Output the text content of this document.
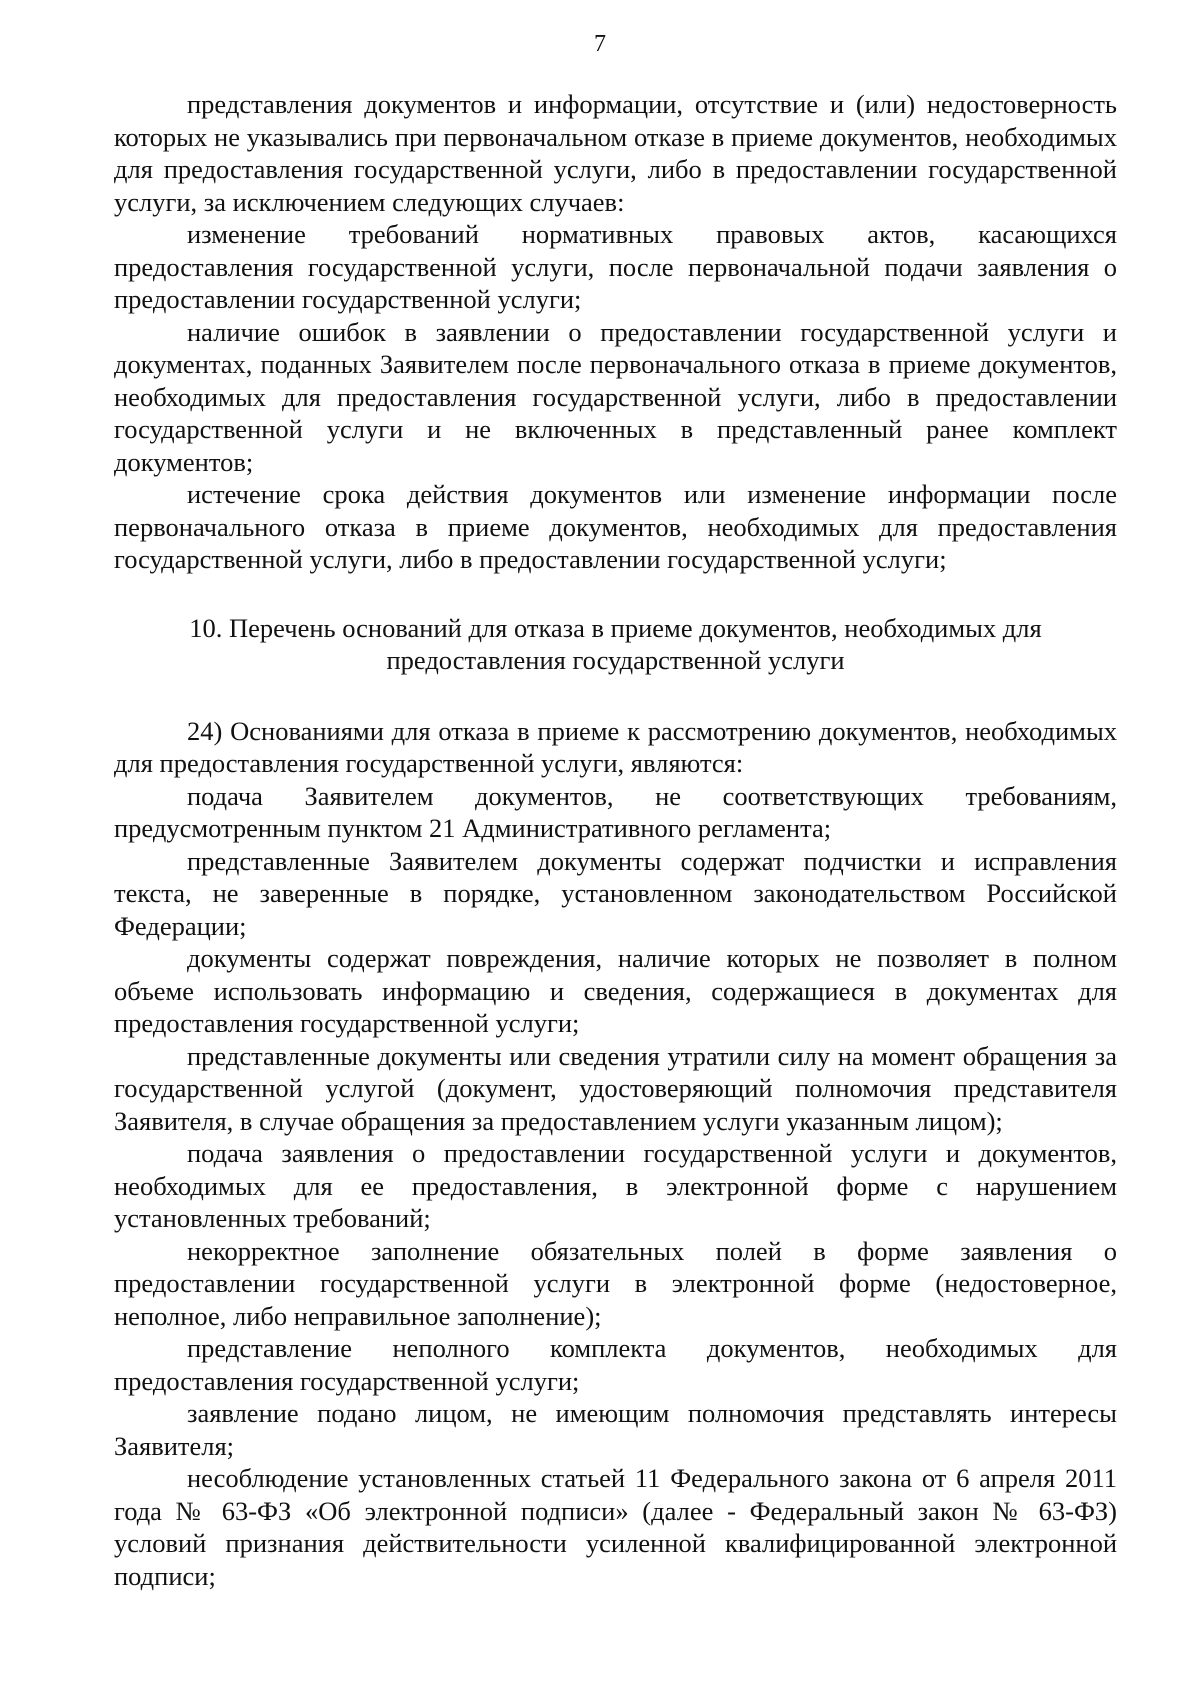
7

представления документов и информации, отсутствие и (или) недостоверность которых не указывались при первоначальном отказе в приеме документов, необходимых для предоставления государственной услуги, либо в предоставлении государственной услуги, за исключением следующих случаев:

изменение требований нормативных правовых актов, касающихся предоставления государственной услуги, после первоначальной подачи заявления о предоставлении государственной услуги;

наличие ошибок в заявлении о предоставлении государственной услуги и документах, поданных Заявителем после первоначального отказа в приеме документов, необходимых для предоставления государственной услуги, либо в предоставлении государственной услуги и не включенных в представленный ранее комплект документов;

истечение срока действия документов или изменение информации после первоначального отказа в приеме документов, необходимых для предоставления государственной услуги, либо в предоставлении государственной услуги;

10. Перечень оснований для отказа в приеме документов, необходимых для предоставления государственной услуги

24) Основаниями для отказа в приеме к рассмотрению документов, необходимых для предоставления государственной услуги, являются:

подача Заявителем документов, не соответствующих требованиям, предусмотренным пунктом 21 Административного регламента;

представленные Заявителем документы содержат подчистки и исправления текста, не заверенные в порядке, установленном законодательством Российской Федерации;

документы содержат повреждения, наличие которых не позволяет в полном объеме использовать информацию и сведения, содержащиеся в документах для предоставления государственной услуги;

представленные документы или сведения утратили силу на момент обращения за государственной услугой (документ, удостоверяющий полномочия представителя Заявителя, в случае обращения за предоставлением услуги указанным лицом);

подача заявления о предоставлении государственной услуги и документов, необходимых для ее предоставления, в электронной форме с нарушением установленных требований;

некорректное заполнение обязательных полей в форме заявления о предоставлении государственной услуги в электронной форме (недостоверное, неполное, либо неправильное заполнение);

представление неполного комплекта документов, необходимых для предоставления государственной услуги;

заявление подано лицом, не имеющим полномочия представлять интересы Заявителя;

несоблюдение установленных статьей 11 Федерального закона от 6 апреля 2011 года № 63-ФЗ «Об электронной подписи» (далее - Федеральный закон № 63-ФЗ) условий признания действительности усиленной квалифицированной электронной подписи;
